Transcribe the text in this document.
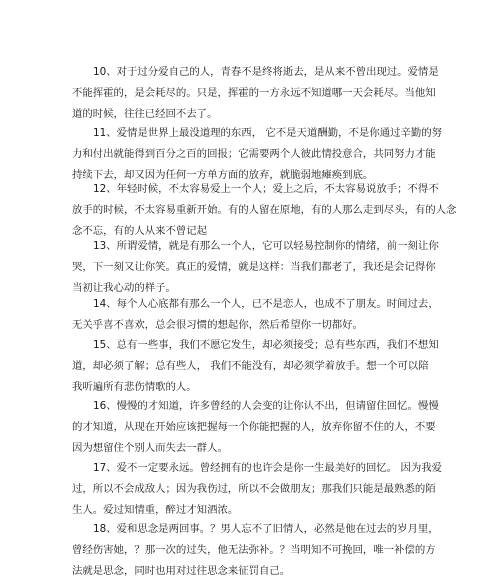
10、对于过分爱自己的人，青春不是终将逝去，是从来不曾出现过。爱情是
不能挥霍的，是会耗尽的。只是，挥霍的一方永远不知道哪一天会耗尽。当他知
道的时候，往往已经回不去了。
11、爱情是世界上最没道理的东西， 它不是天道酬勤，不是你通过辛勤的努
力和付出就能得到百分之百的回报；它需要两个人彼此情投意合，共同努力才能
持续下去，却又因为任何一方单方面的放弃，就脆弱地瘫痪到底。
12、年轻时候，不太容易爱上一个人；爱上之后，不太容易说放手；不得不
放手的时候，不太容易重新开始。有的人留在原地，有的人那么走到尽头，有的人念
念不忘，有的人从来不曾记起
13、所谓爱情，就是有那么一个人，它可以轻易控制你的情绪，前一刻让你
哭，下一刻又让你笑。真正的爱情，就是这样：当我们都老了，我还是会记得你
当初让我心动的样子。
14、每个人心底都有那么一个人，已不是恋人，也成不了朋友。时间过去，
无关乎喜不喜欢，总会很习惯的想起你，然后希望你一切都好。
15、总有一些事，我们不愿它发生，却必须接受；总有些东西，我们不想知
道，却必须了解；总有些人， 我们不能没有，却必须学着放手。想一个可以陪
我听遍所有悲伤情歌的人。
16、慢慢的才知道，许多曾经的人会变的让你认不出，但请留住回忆。慢慢
的才知道，从现在开始应该把握每一个你能把握的人，放弃你留不住的人，不要
因为想留住个别人而失去一群人。
17、爱不一定要永远。曾经拥有的也许会是你一生最美好的回忆。 因为我爱
过，所以不会成敌人；因为我伤过，所以不会做朋友；那我们只能是最熟悉的陌
生人。爱过知情重，醉过才知酒浓。
18、爱和思念是两回事。？男人忘不了旧情人，必然是他在过去的岁月里，
曾经伤害她，？那一次的过失，他无法弥补。？当明知不可挽回，唯一补偿的方
法就是思念，同时也用对过往思念来征罚自己。
